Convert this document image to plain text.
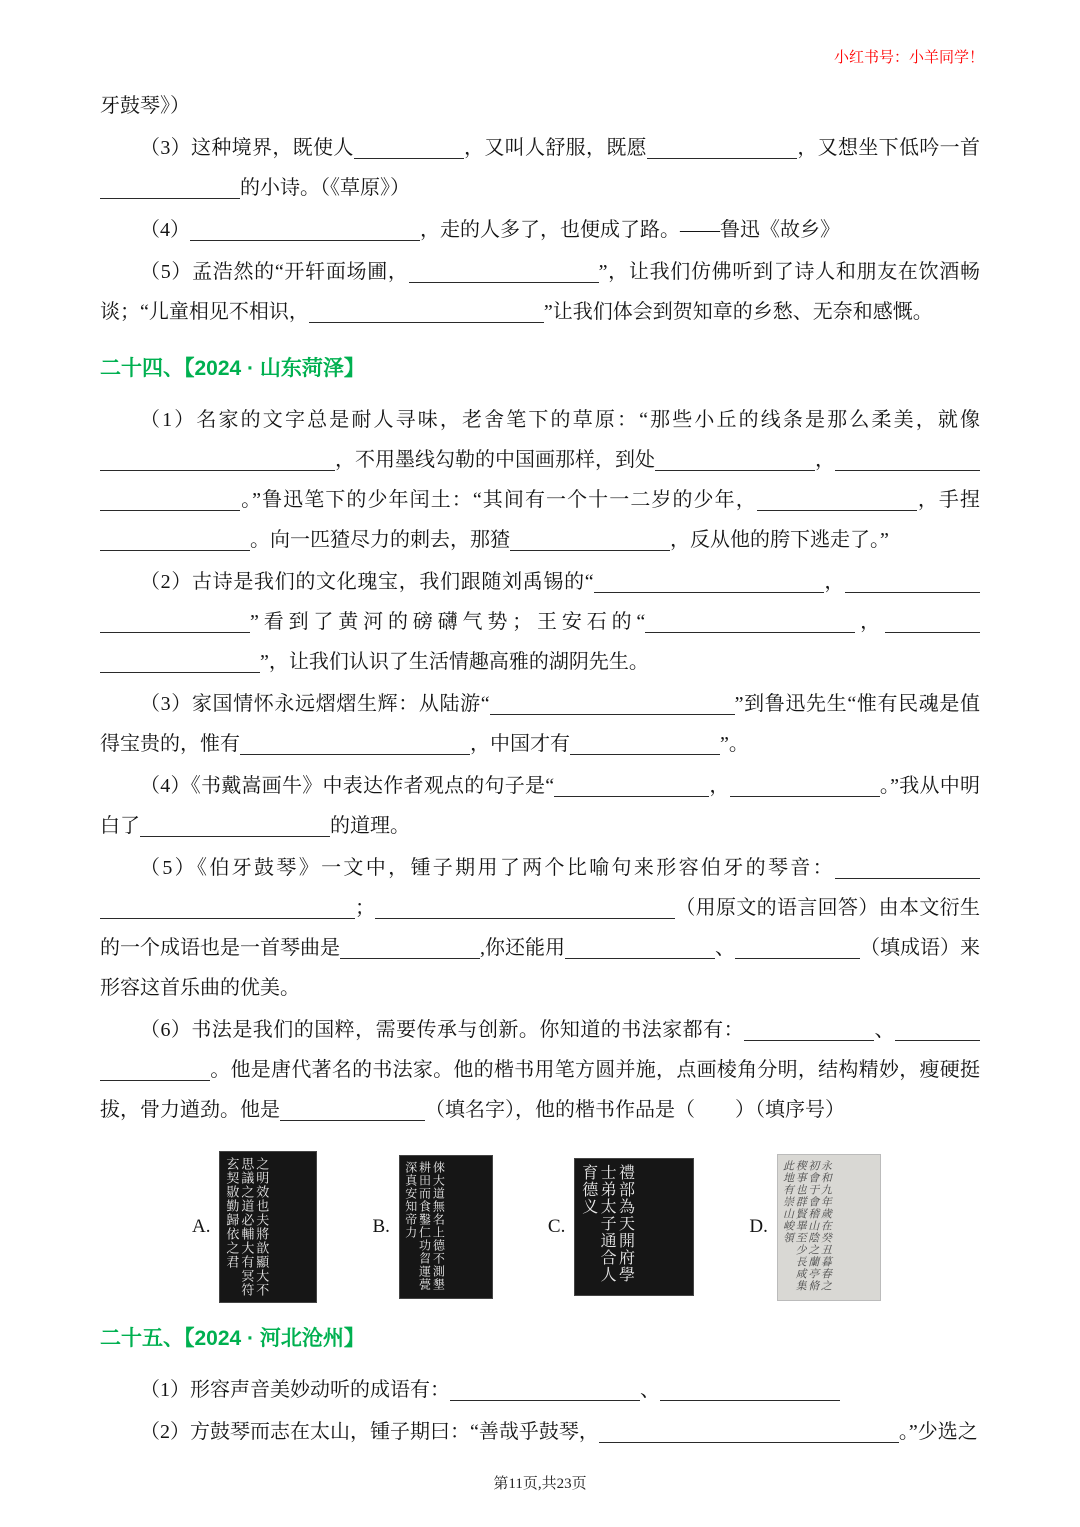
小红书号：小羊同学！

牙鼓琴》）

（3）这种境界，既使人	，又叫人舒服，既愿	，又想坐下低吟一首的小诗。（《草原》）

（4）	，走的人多了，也便成了路。——鲁迅《故乡》

（5）孟浩然的“开轩面场圃，	”，让我们仿佛听到了诗人和朋友在饮酒畅谈；“儿童相见不相识，	”让我们体会到贺知章的乡愁、无奈和感慨。

二十四、【2024 · 山东菏泽】

（1）名家的文字总是耐人寻味，老舍笔下的草原：“那些小丘的线条是那么柔美，就像，不用墨线勾勒的中国画那样，到处	，。”鲁迅笔下的少年闰土：“其间有一个十一二岁的少年，	，手捏。向一匹猹尽力的刺去，那猹	，反从他的胯下逃走了。”

（2）古诗是我们的文化瑰宝，我们跟随刘禹锡的“	，”看到了黄河的磅礴气势；王安石的“	，”，让我们认识了生活情趣高雅的湖阴先生。

（3）家国情怀永远熠熠生辉：从陆游“	”到鲁迅先生“惟有民魂是值得宝贵的，惟有	，中国才有	”。

（4）《书戴嵩画牛》中表达作者观点的句子是“	，	。”我从中明白了	的道理。

（5）《伯牙鼓琴》一文中，锺子期用了两个比喻句来形容伯牙的琴音：；	（用原文的语言回答）由本文衍生的一个成语也是一首琴曲是	,你还能用	、	（填成语）来形容这首乐曲的优美。

（6）书法是我们的国粹，需要传承与创新。你知道的书法家都有：	、。他是唐代著名的书法家。他的楷书用笔方圆并施，点画棱角分明，结构精妙，瘦硬挺拔，骨力遒劲。他是	（填名字），他的楷书作品是（　　）（填序号）

A.	之明效也夫將歆顯大不思議之道必輔大有冥符玄契敭勤歸依之君	B.	倈大道無名上德不測墾耕田而食鑿仁功曶運甍深真安知帝力	C.	禮部為天開府學士弟太子通合人育德义
D.	永和九年歲在癸丑暮春之初會于會稽山陰之蘭亭脩稧事也群賢畢至少長咸集此地有崇山峻領
二十五、【2024 · 河北沧州】

（1）形容声音美妙动听的成语有：	、

（2）方鼓琴而志在太山，锺子期曰：“善哉乎鼓琴，	。”少选之

第11页,共23页
